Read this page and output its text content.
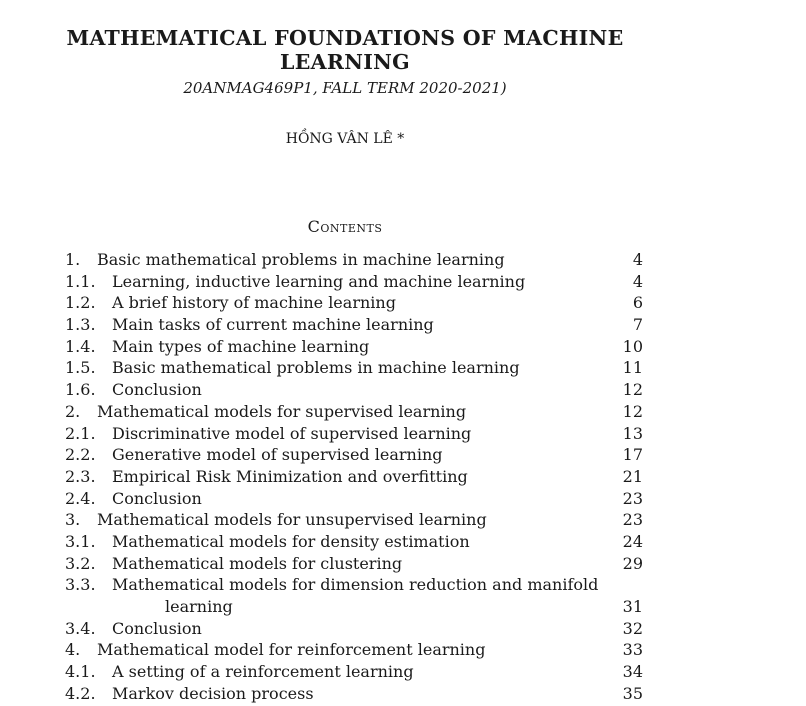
MATHEMATICAL FOUNDATIONS OF MACHINE
LEARNING
20ANMAG469P1, FALL TERM 2020-2021)
HỒNG VÂN LÊ *
Contents
1. Basic mathematical problems in machine learning	4
1.1. Learning, inductive learning and machine learning	4
1.2. A brief history of machine learning	6
1.3. Main tasks of current machine learning	7
1.4. Main types of machine learning	10
1.5. Basic mathematical problems in machine learning	11
1.6. Conclusion	12
2. Mathematical models for supervised learning	12
2.1. Discriminative model of supervised learning	13
2.2. Generative model of supervised learning	17
2.3. Empirical Risk Minimization and overfitting	21
2.4. Conclusion	23
3. Mathematical models for unsupervised learning	23
3.1. Mathematical models for density estimation	24
3.2. Mathematical models for clustering	29
3.3. Mathematical models for dimension reduction and manifold
learning	31
3.4. Conclusion	32
4. Mathematical model for reinforcement learning	33
4.1. A setting of a reinforcement learning	34
4.2. Markov decision process	35
